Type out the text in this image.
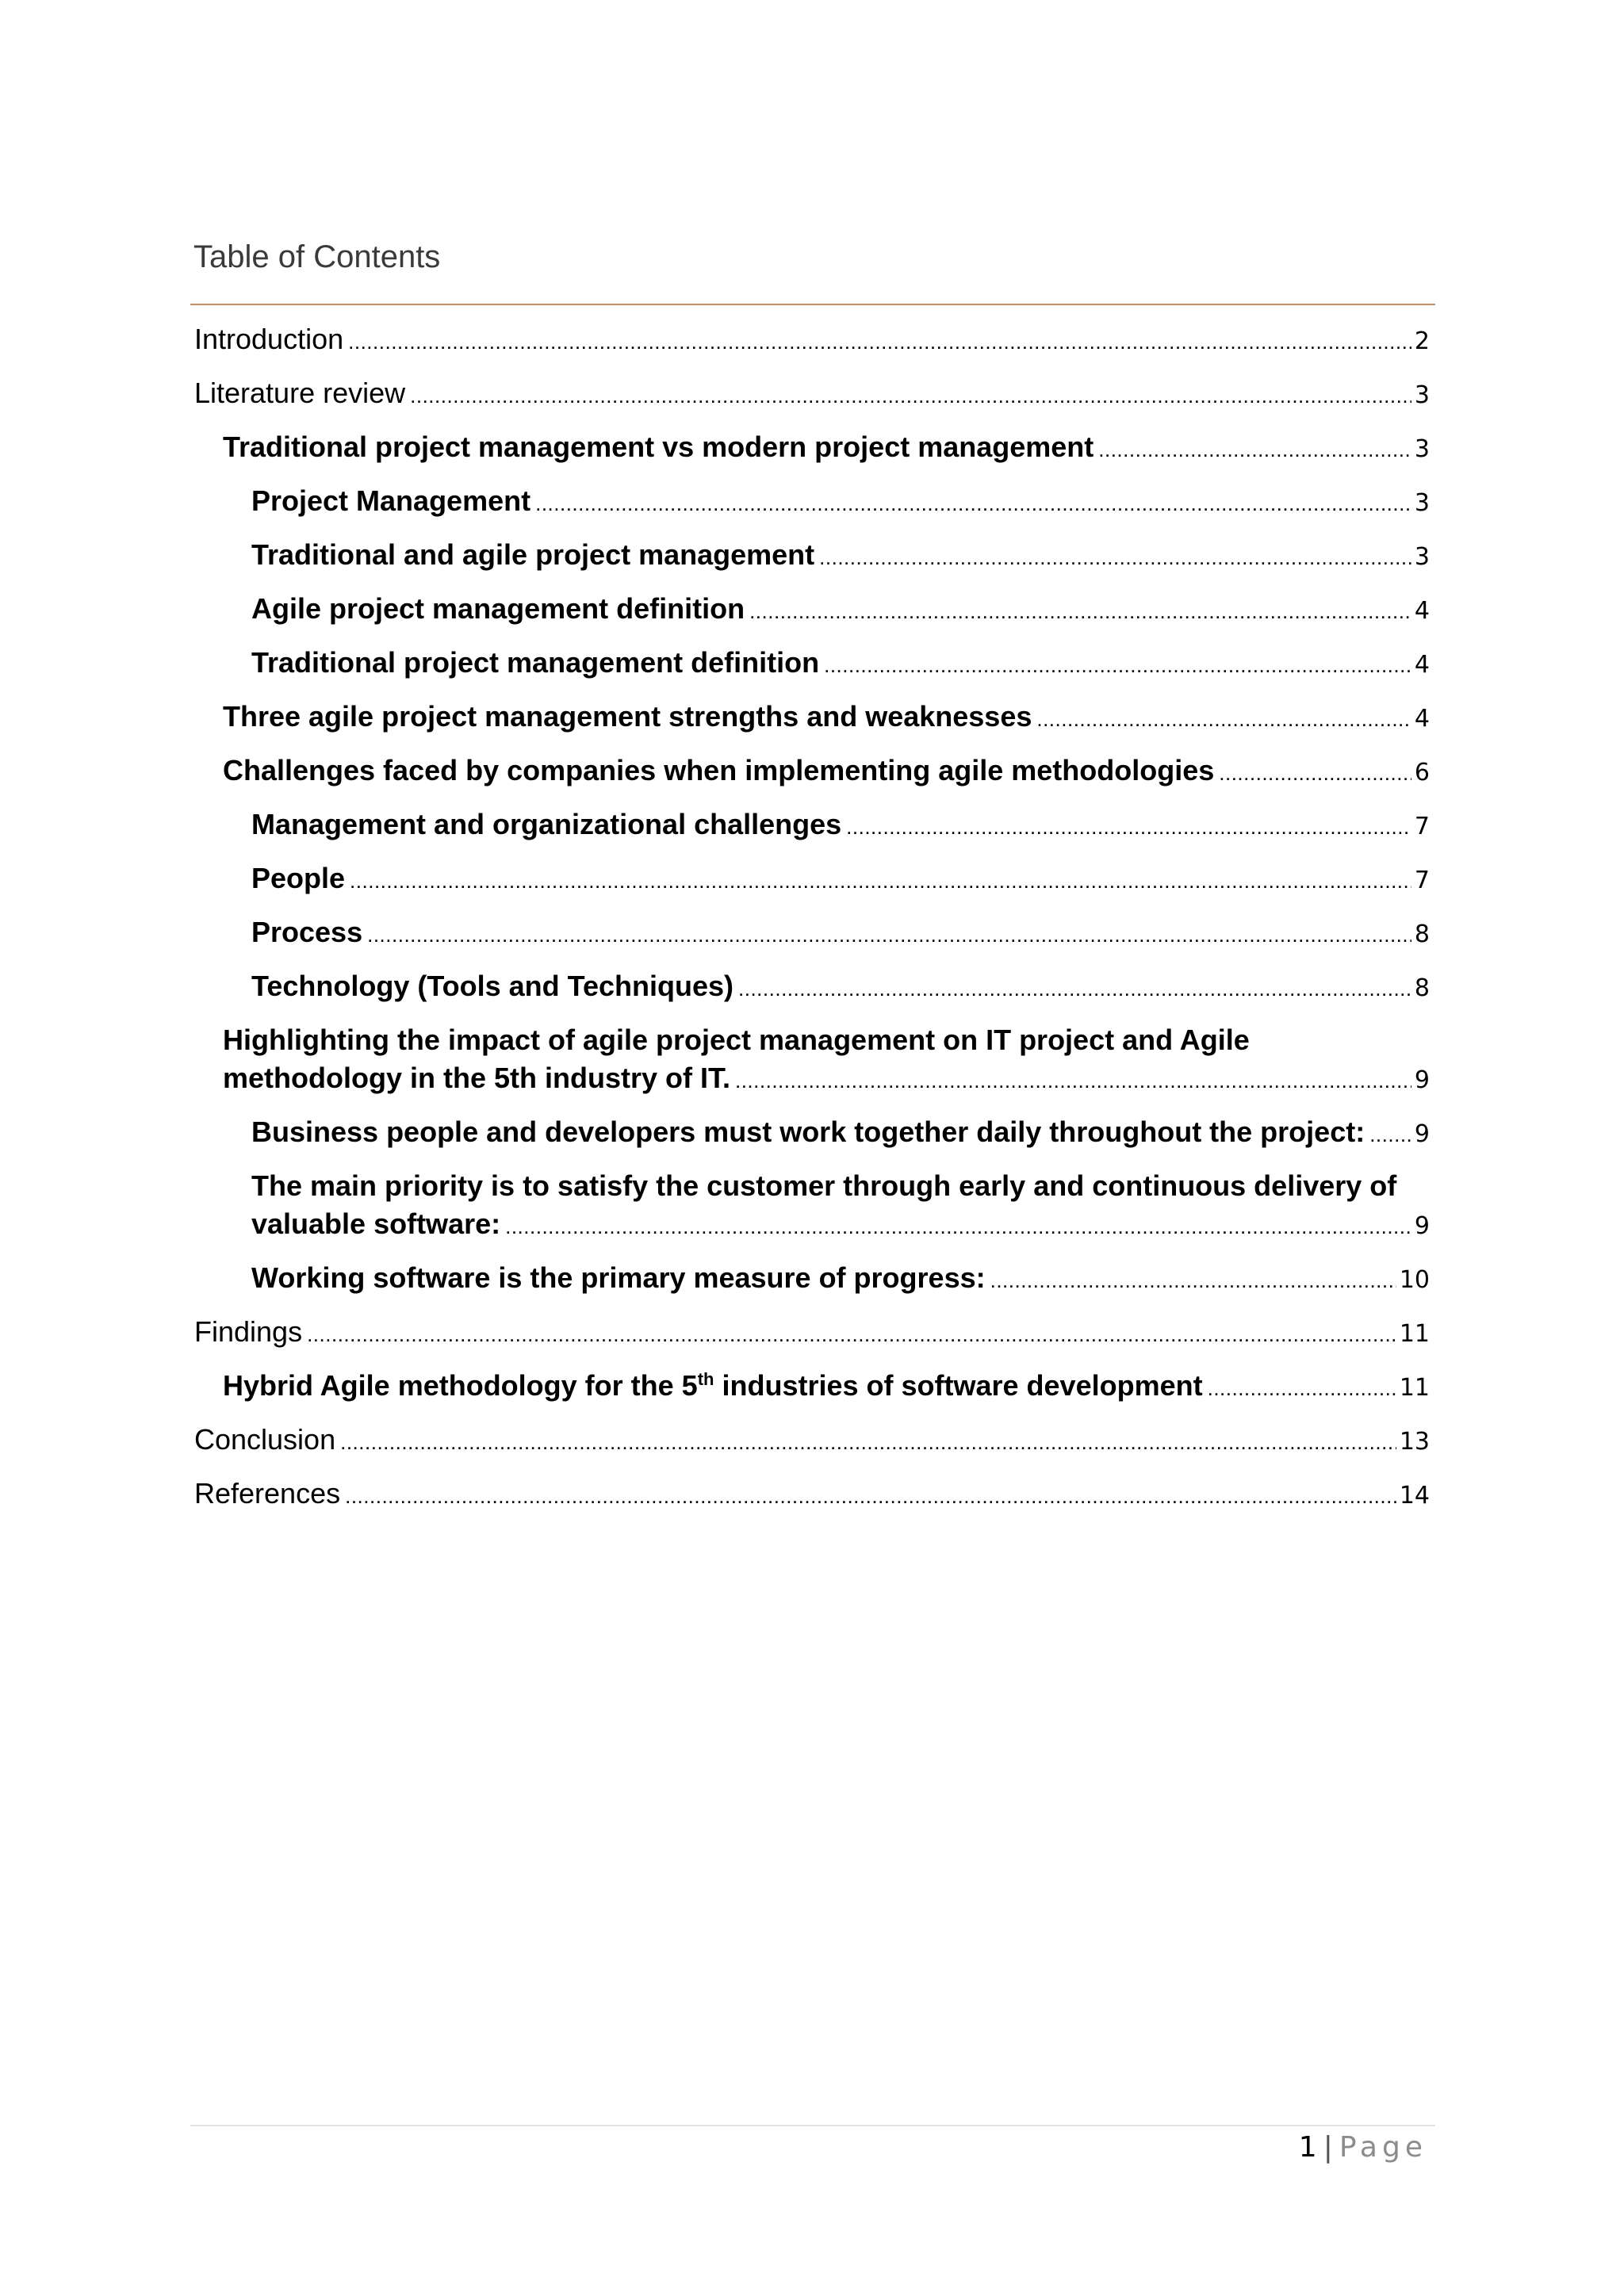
Table of Contents
Introduction .....	2
Literature review .....	3
Traditional project management vs modern project management .....	3
Project Management .....	3
Traditional and agile project management .....	3
Agile project management definition .....	4
Traditional project management definition .....	4
Three agile project management strengths and weaknesses .....	4
Challenges faced by companies when implementing agile methodologies .....	6
Management and organizational challenges .....	7
People .....	7
Process .....	8
Technology (Tools and Techniques) .....	8
Highlighting the impact of agile project management on IT project and Agile
methodology in the 5th industry of IT. .....	9
Business people and developers must work together daily throughout the project: ..... 9
The main priority is to satisfy the customer through early and continuous delivery of
valuable software: .....	9
Working software is the primary measure of progress: .....	10
Findings .....	11
Hybrid Agile methodology for the 5th industries of software development .....	11
Conclusion .....	13
References .....	14
1 | Page
